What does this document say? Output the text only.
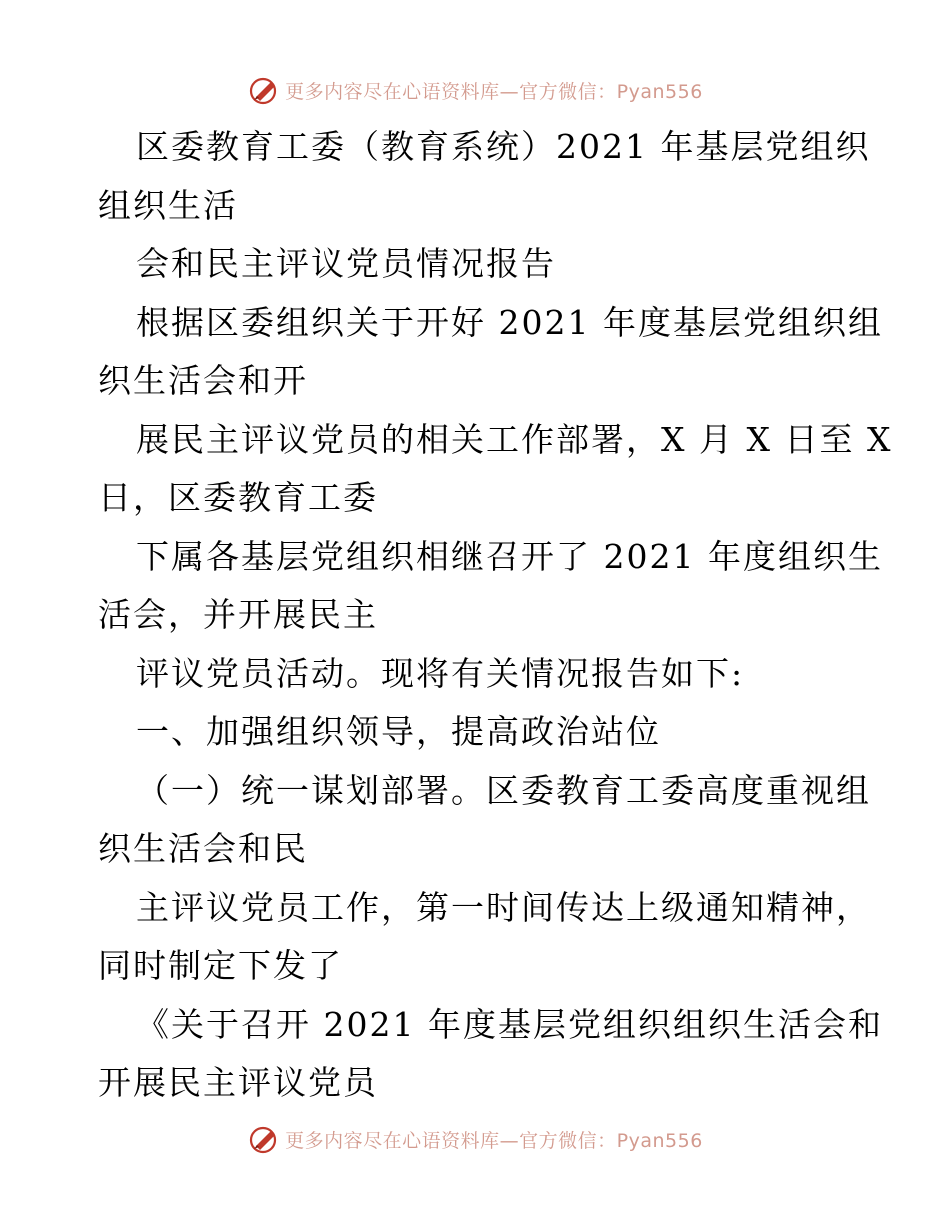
更多内容尽在心语资料库—官方微信：Pyan556

区委教育工委（教育系统）2021 年基层党组织

组织生活

会和民主评议党员情况报告

根据区委组织关于开好 2021 年度基层党组织组

织生活会和开

展民主评议党员的相关工作部署，X 月 X 日至 X

日，区委教育工委

下属各基层党组织相继召开了 2021 年度组织生

活会，并开展民主

评议党员活动。现将有关情况报告如下:

一、加强组织领导，提高政治站位

（一）统一谋划部署。区委教育工委高度重视组

织生活会和民

主评议党员工作，第一时间传达上级通知精神，

同时制定下发了

《关于召开 2021 年度基层党组织组织生活会和

开展民主评议党员

更多内容尽在心语资料库—官方微信：Pyan556
